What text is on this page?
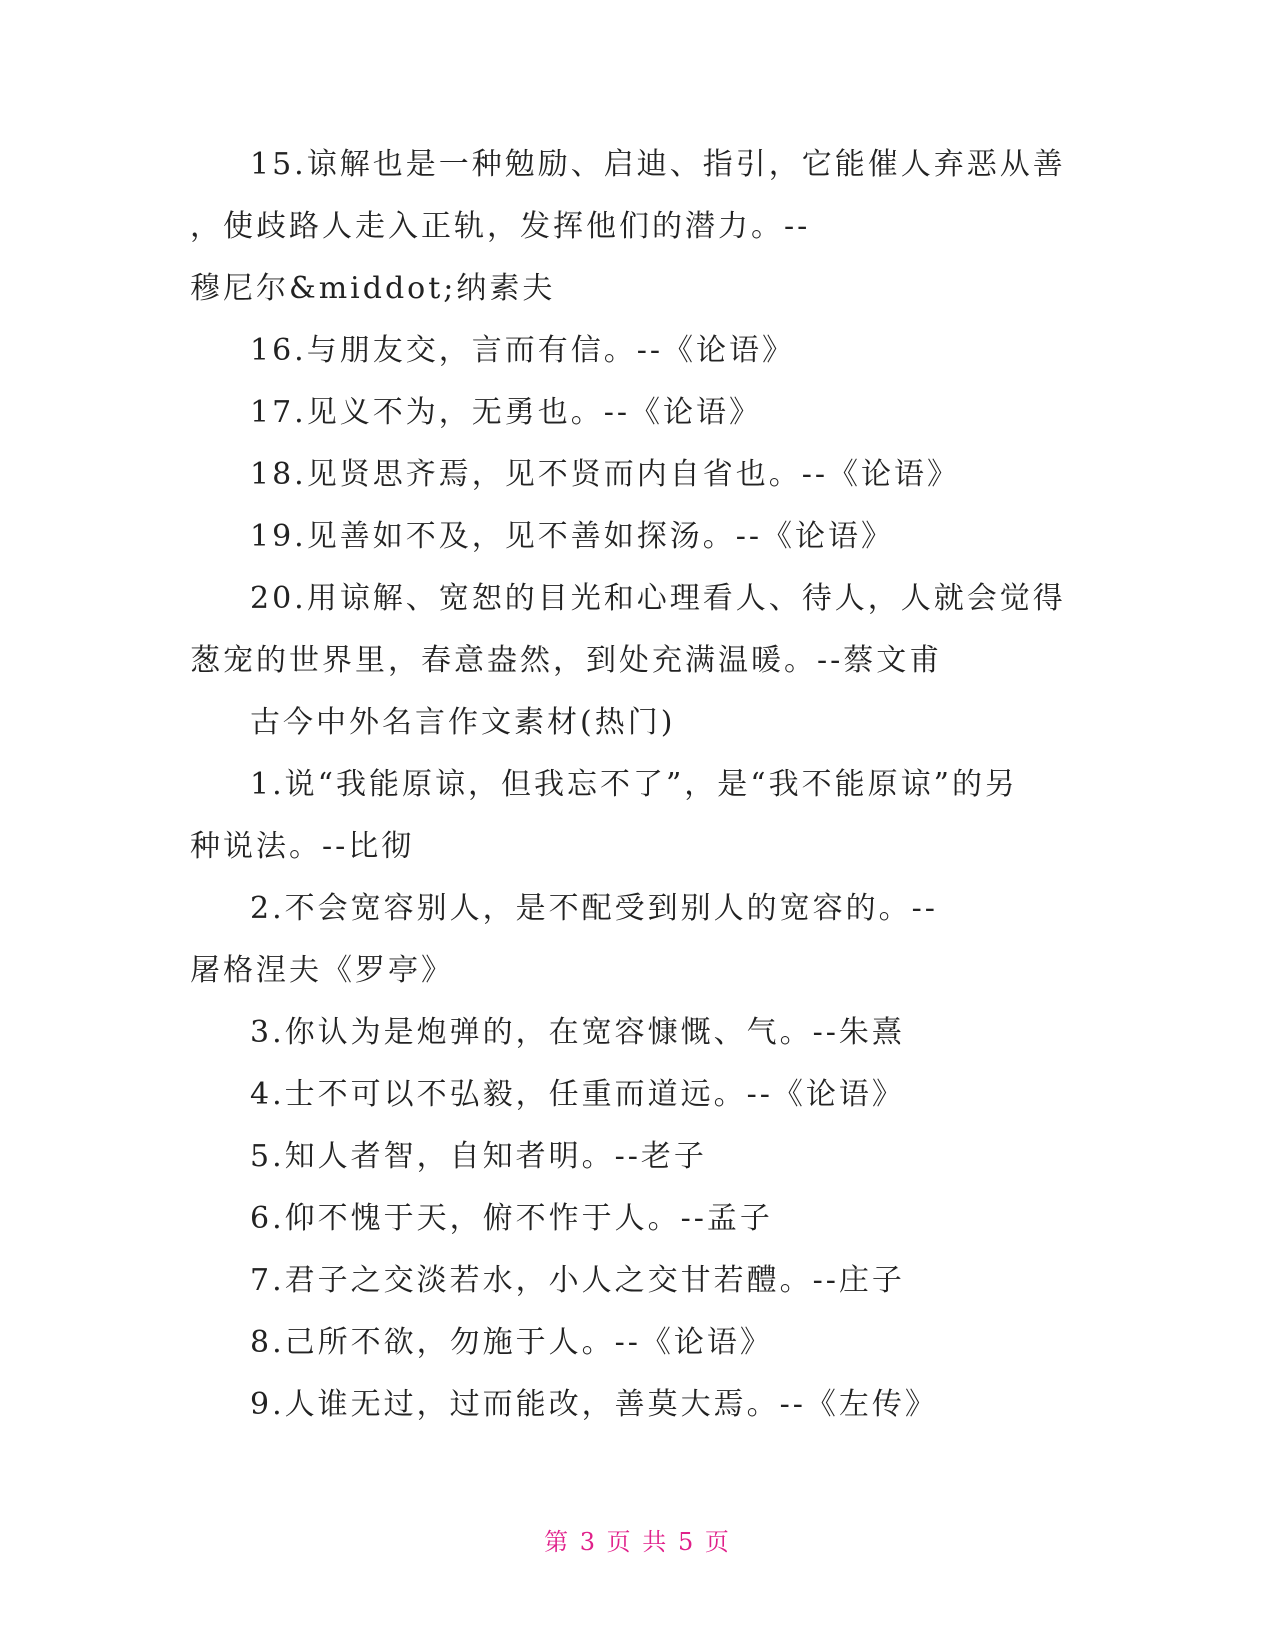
15.谅解也是一种勉励、启迪、指引，它能催人弃恶从善
，使歧路人走入正轨，发挥他们的潜力。--
穆尼尔&middot;纳素夫
16.与朋友交，言而有信。--《论语》
17.见义不为，无勇也。--《论语》
18.见贤思齐焉，见不贤而内自省也。--《论语》
19.见善如不及，见不善如探汤。--《论语》
20.用谅解、宽恕的目光和心理看人、待人，人就会觉得
葱宠的世界里，春意盎然，到处充满温暖。--蔡文甫
古今中外名言作文素材(热门)
1.说“我能原谅，但我忘不了”，是“我不能原谅”的另
种说法。--比彻
2.不会宽容别人，是不配受到别人的宽容的。--
屠格涅夫《罗亭》
3.你认为是炮弹的，在宽容慷慨、气。--朱熹
4.士不可以不弘毅，任重而道远。--《论语》
5.知人者智，自知者明。--老子
6.仰不愧于天，俯不怍于人。--孟子
7.君子之交淡若水，小人之交甘若醴。--庄子
8.己所不欲，勿施于人。--《论语》
9.人谁无过，过而能改，善莫大焉。--《左传》
第 3 页 共 5 页
